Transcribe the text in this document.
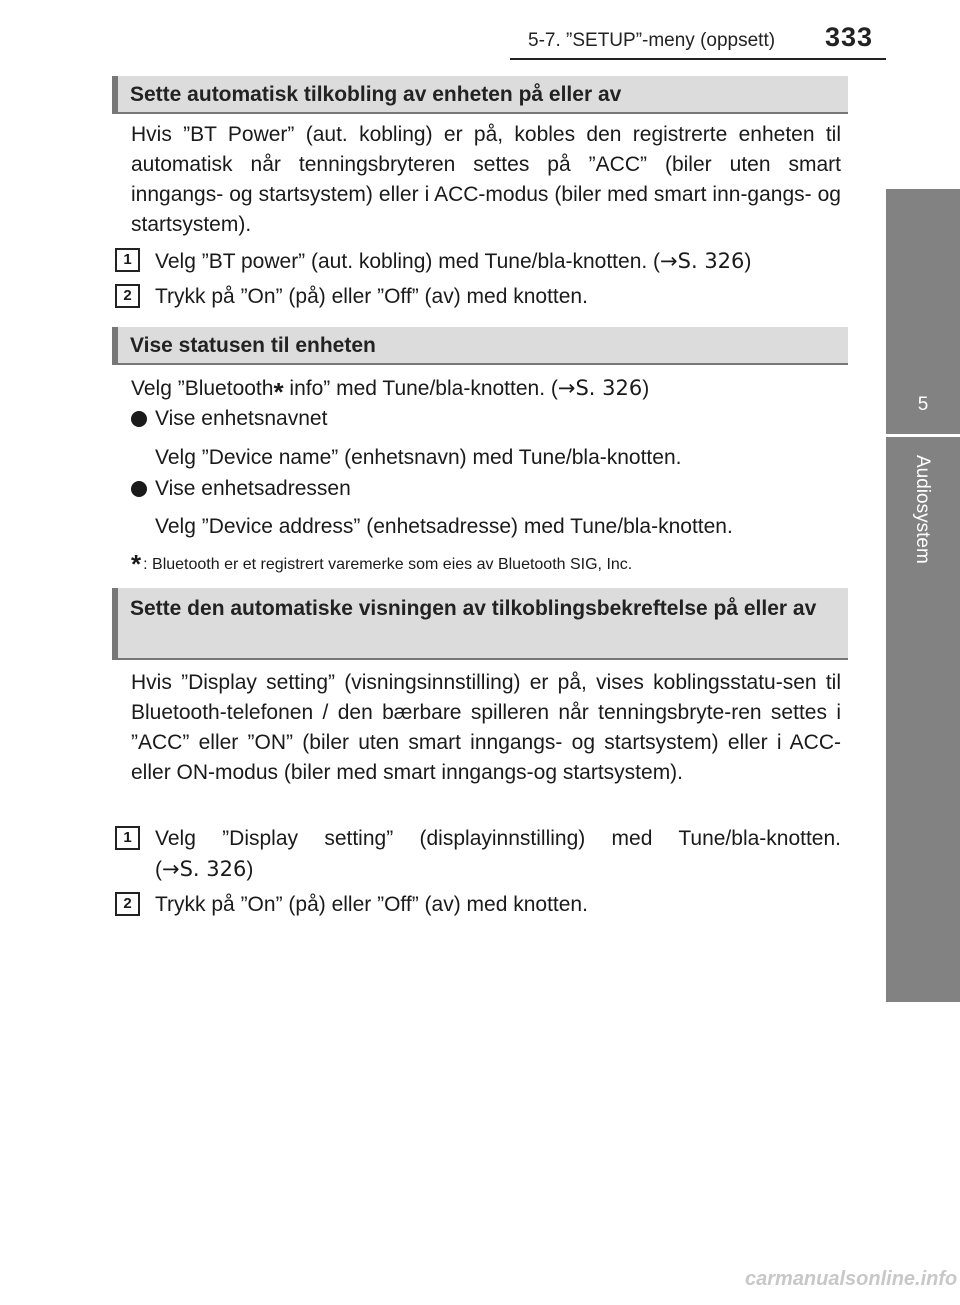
5-7. ”SETUP”-meny (oppsett) 333
5
Audiosystem
Sette automatisk tilkobling av enheten på eller av
Hvis ”BT Power” (aut. kobling) er på, kobles den registrerte enheten til automatisk når tenningsbryteren settes på ”ACC” (biler uten smart inngangs- og startsystem) eller i ACC-modus (biler med smart inn-gangs- og startsystem).
1	Velg ”BT power” (aut. kobling) med Tune/bla-knotten. (→S. 326)
2	Trykk på ”On” (på) eller ”Off” (av) med knotten.
Vise statusen til enheten
Velg ”Bluetooth* info” med Tune/bla-knotten. (→S. 326)
Vise enhetsnavnet
Velg ”Device name” (enhetsnavn) med Tune/bla-knotten.
Vise enhetsadressen
Velg ”Device address” (enhetsadresse) med Tune/bla-knotten.
* : Bluetooth er et registrert varemerke som eies av Bluetooth SIG, Inc.
Sette den automatiske visningen av tilkoblingsbekreftelse på eller av
Hvis ”Display setting” (visningsinnstilling) er på, vises koblingsstatu-sen til Bluetooth-telefonen / den bærbare spilleren når tenningsbryte-ren settes i ”ACC” eller ”ON” (biler uten smart inngangs- og startsystem) eller i ACC- eller ON-modus (biler med smart inngangs-og startsystem).
1	Velg ”Display setting” (displayinnstilling) med Tune/bla-knotten.
(→S. 326)
2	Trykk på ”On” (på) eller ”Off” (av) med knotten.
carmanualsonline.info
